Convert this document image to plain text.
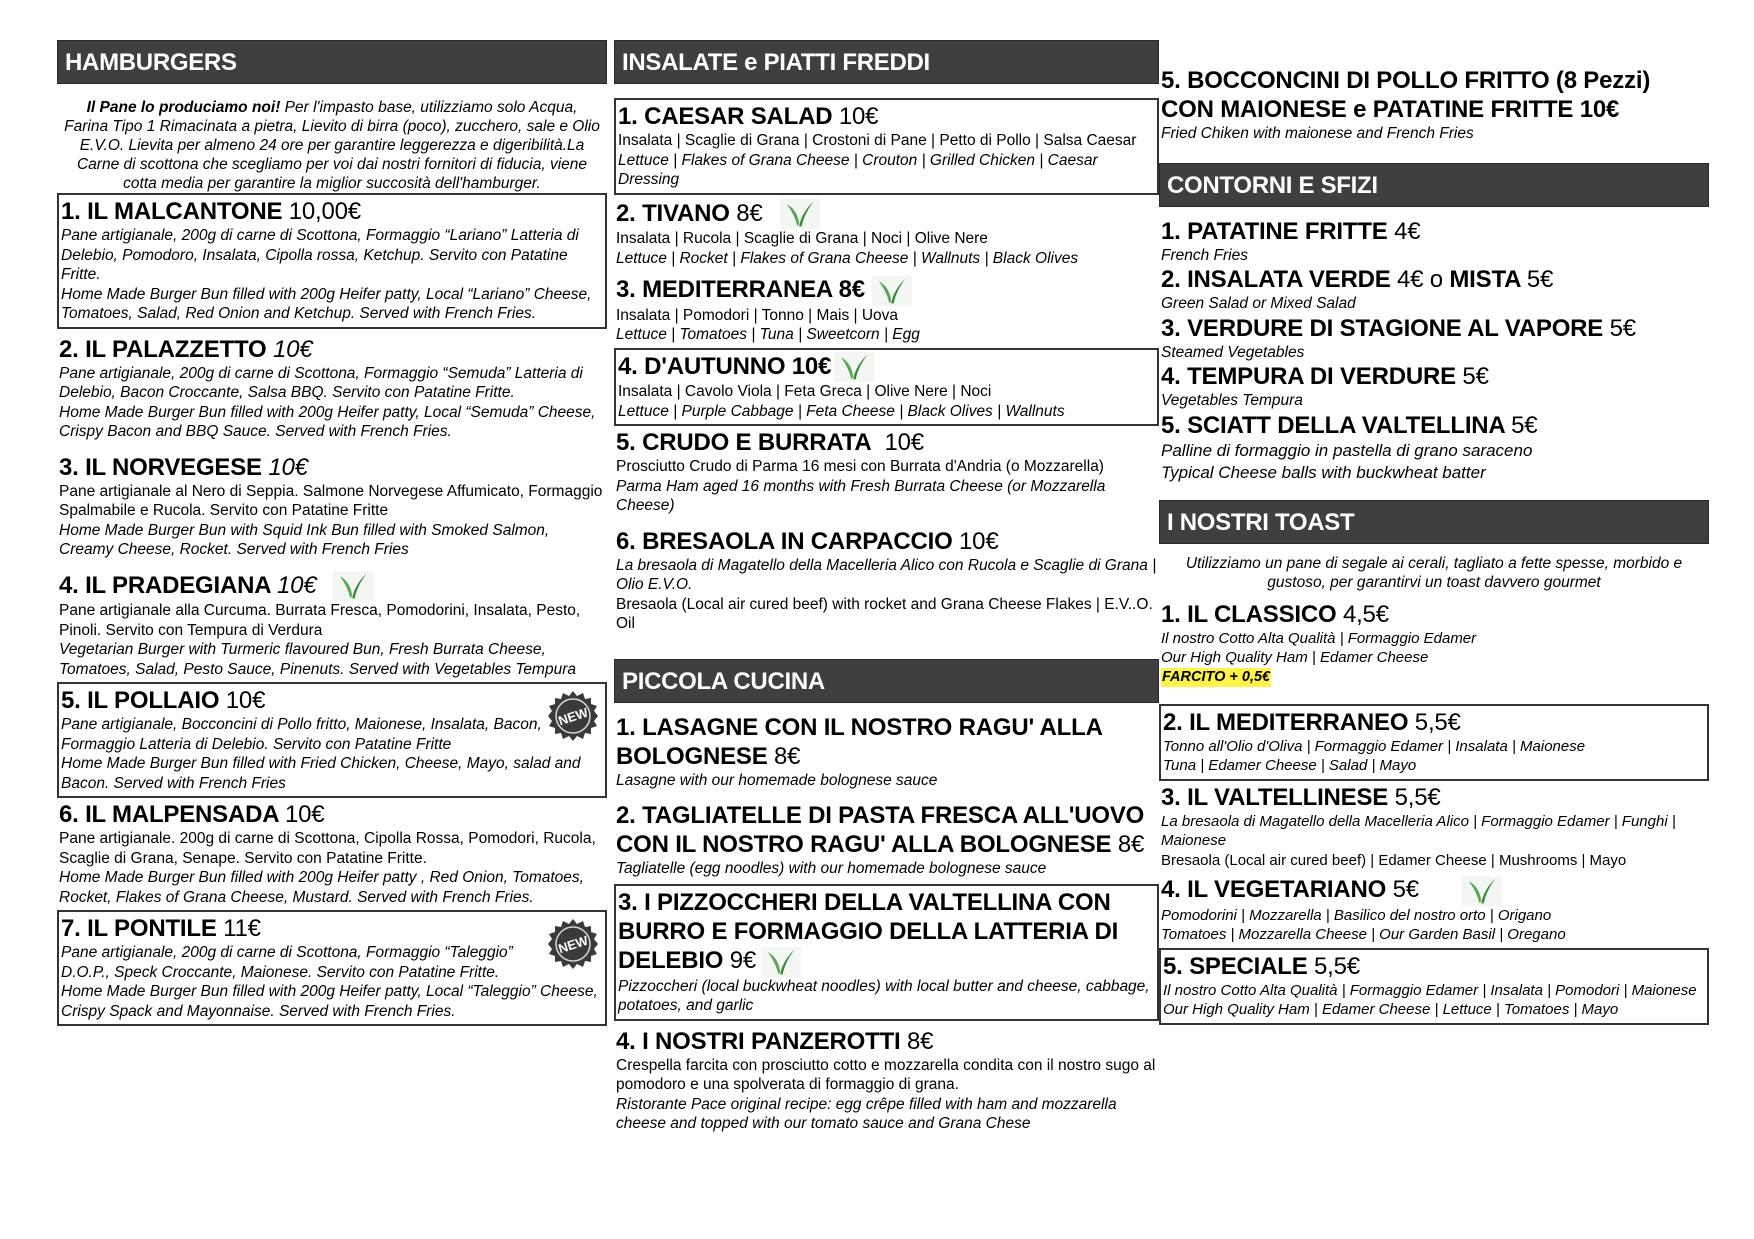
HAMBURGERS

Il Pane lo produciamo noi! Per l'impasto base, utilizziamo solo Acqua, Farina Tipo 1 Rimacinata a pietra, Lievito di birra (poco), zucchero, sale e Olio E.V.O. Lievita per almeno 24 ore per garantire leggerezza e digeribilità.La Carne di scottona che scegliamo per voi dai nostri fornitori di fiducia, viene cotta media per garantire la miglior succosità dell'hamburger.

1. IL MALCANTONE 10,00€
Pane artigianale, 200g di carne di Scottona, Formaggio “Lariano” Latteria di Delebio, Pomodoro, Insalata, Cipolla rossa, Ketchup. Servito con Patatine Fritte.
Home Made Burger Bun filled with 200g Heifer patty, Local “Lariano” Cheese, Tomatoes, Salad, Red Onion and Ketchup. Served with French Fries.
2. IL PALAZZETTO 10€
Pane artigianale, 200g di carne di Scottona, Formaggio “Semuda” Latteria di Delebio, Bacon Croccante, Salsa BBQ. Servito con Patatine Fritte.
Home Made Burger Bun filled with 200g Heifer patty, Local “Semuda” Cheese, Crispy Bacon and BBQ Sauce. Served with French Fries.
3. IL NORVEGESE 10€
Pane artigianale al Nero di Seppia. Salmone Norvegese Affumicato, Formaggio Spalmabile e Rucola. Servito con Patatine Fritte
Home Made Burger Bun with Squid Ink Bun filled with Smoked Salmon, Creamy Cheese, Rocket. Served with French Fries
4. IL PRADEGIANA 10€
Pane artigianale alla Curcuma. Burrata Fresca, Pomodorini, Insalata, Pesto, Pinoli. Servito con Tempura di Verdura
Vegetarian Burger with Turmeric flavoured Bun, Fresh Burrata Cheese, Tomatoes, Salad, Pesto Sauce, Pinenuts. Served with Vegetables Tempura
5. IL POLLAIO 10€
Pane artigianale, Bocconcini di Pollo fritto, Maionese, Insalata, Bacon, Formaggio Latteria di Delebio. Servito con Patatine Fritte
Home Made Burger Bun filled with Fried Chicken, Cheese, Mayo, salad and Bacon. Served with French Fries
6. IL MALPENSADA 10€
Pane artigianale. 200g di carne di Scottona, Cipolla Rossa, Pomodori, Rucola, Scaglie di Grana, Senape. Servito con Patatine Fritte.
Home Made Burger Bun filled with 200g Heifer patty , Red Onion, Tomatoes, Rocket, Flakes of Grana Cheese, Mustard. Served with French Fries.
7. IL PONTILE 11€
Pane artigianale, 200g di carne di Scottona, Formaggio “Taleggio” D.O.P., Speck Croccante, Maionese. Servito con Patatine Fritte.
Home Made Burger Bun filled with 200g Heifer patty, Local “Taleggio” Cheese, Crispy Spack and Mayonnaise. Served with French Fries.
INSALATE e PIATTI FREDDI
1. CAESAR SALAD 10€
Insalata | Scaglie di Grana | Crostoni di Pane | Petto di Pollo | Salsa Caesar
Lettuce | Flakes of Grana Cheese | Crouton | Grilled Chicken | Caesar Dressing
2. TIVANO 8€
Insalata | Rucola | Scaglie di Grana | Noci | Olive Nere
Lettuce | Rocket | Flakes of Grana Cheese | Wallnuts | Black Olives
3. MEDITERRANEA 8€
Insalata | Pomodori | Tonno | Mais | Uova
Lettuce | Tomatoes | Tuna | Sweetcorn | Egg
4. D'AUTUNNO 10€
Insalata | Cavolo Viola | Feta Greca | Olive Nere | Noci
Lettuce | Purple Cabbage | Feta Cheese | Black Olives | Wallnuts
5. CRUDO E BURRATA 10€
Prosciutto Crudo di Parma 16 mesi con Burrata d'Andria (o Mozzarella)
Parma Ham aged 16 months with Fresh Burrata Cheese (or Mozzarella Cheese)
6. BRESAOLA IN CARPACCIO 10€
La bresaola di Magatello della Macelleria Alico con Rucola e Scaglie di Grana | Olio E.V.O.
Bresaola (Local air cured beef) with rocket and Grana Cheese Flakes | E.V..O. Oil
PICCOLA CUCINA
1. LASAGNE CON IL NOSTRO RAGU' ALLA BOLOGNESE 8€
Lasagne with our homemade bolognese sauce
2. TAGLIATELLE DI PASTA FRESCA ALL'UOVO CON IL NOSTRO RAGU' ALLA BOLOGNESE 8€
Tagliatelle (egg noodles) with our homemade bolognese sauce
3. I PIZZOCCHERI DELLA VALTELLINA CON BURRO E FORMAGGIO DELLA LATTERIA DI DELEBIO 9€
Pizzoccheri (local buckwheat noodles) with local butter and cheese, cabbage, potatoes, and garlic
4. I NOSTRI PANZEROTTI 8€
Crespella farcita con prosciutto cotto e mozzarella condita con il nostro sugo al pomodoro e una spolverata di formaggio di grana.
Ristorante Pace original recipe: egg crêpe filled with ham and mozzarella cheese and topped with our tomato sauce and Grana Chese
5. BOCCONCINI DI POLLO FRITTO (8 Pezzi) CON MAIONESE e PATATINE FRITTE 10€
Fried Chiken with maionese and French Fries
CONTORNI E SFIZI
1. PATATINE FRITTE 4€
French Fries
2. INSALATA VERDE 4€ o MISTA 5€
Green Salad or Mixed Salad
3. VERDURE DI STAGIONE AL VAPORE 5€
Steamed Vegetables
4. TEMPURA DI VERDURE 5€
Vegetables Tempura
5. SCIATT DELLA VALTELLINA 5€
Palline di formaggio in pastella di grano saraceno
Typical Cheese balls with buckwheat batter
I NOSTRI TOAST

Utilizziamo un pane di segale ai cerali, tagliato a fette spesse, morbido e gustoso, per garantirvi un toast davvero gourmet

1. IL CLASSICO 4,5€
Il nostro Cotto Alta Qualità | Formaggio Edamer
Our High Quality Ham | Edamer Cheese
FARCITO + 0,5€
2. IL MEDITERRANEO 5,5€
Tonno all'Olio d'Oliva | Formaggio Edamer | Insalata | Maionese
Tuna | Edamer Cheese | Salad | Mayo
3. IL VALTELLINESE 5,5€
La bresaola di Magatello della Macelleria Alico | Formaggio Edamer | Funghi | Maionese
Bresaola (Local air cured beef) | Edamer Cheese | Mushrooms | Mayo
4. IL VEGETARIANO 5€
Pomodorini | Mozzarella | Basilico del nostro orto | Origano
Tomatoes | Mozzarella Cheese | Our Garden Basil | Oregano
5. SPECIALE 5,5€
Il nostro Cotto Alta Qualità | Formaggio Edamer | Insalata | Pomodori | Maionese
Our High Quality Ham | Edamer Cheese | Lettuce | Tomatoes | Mayo
